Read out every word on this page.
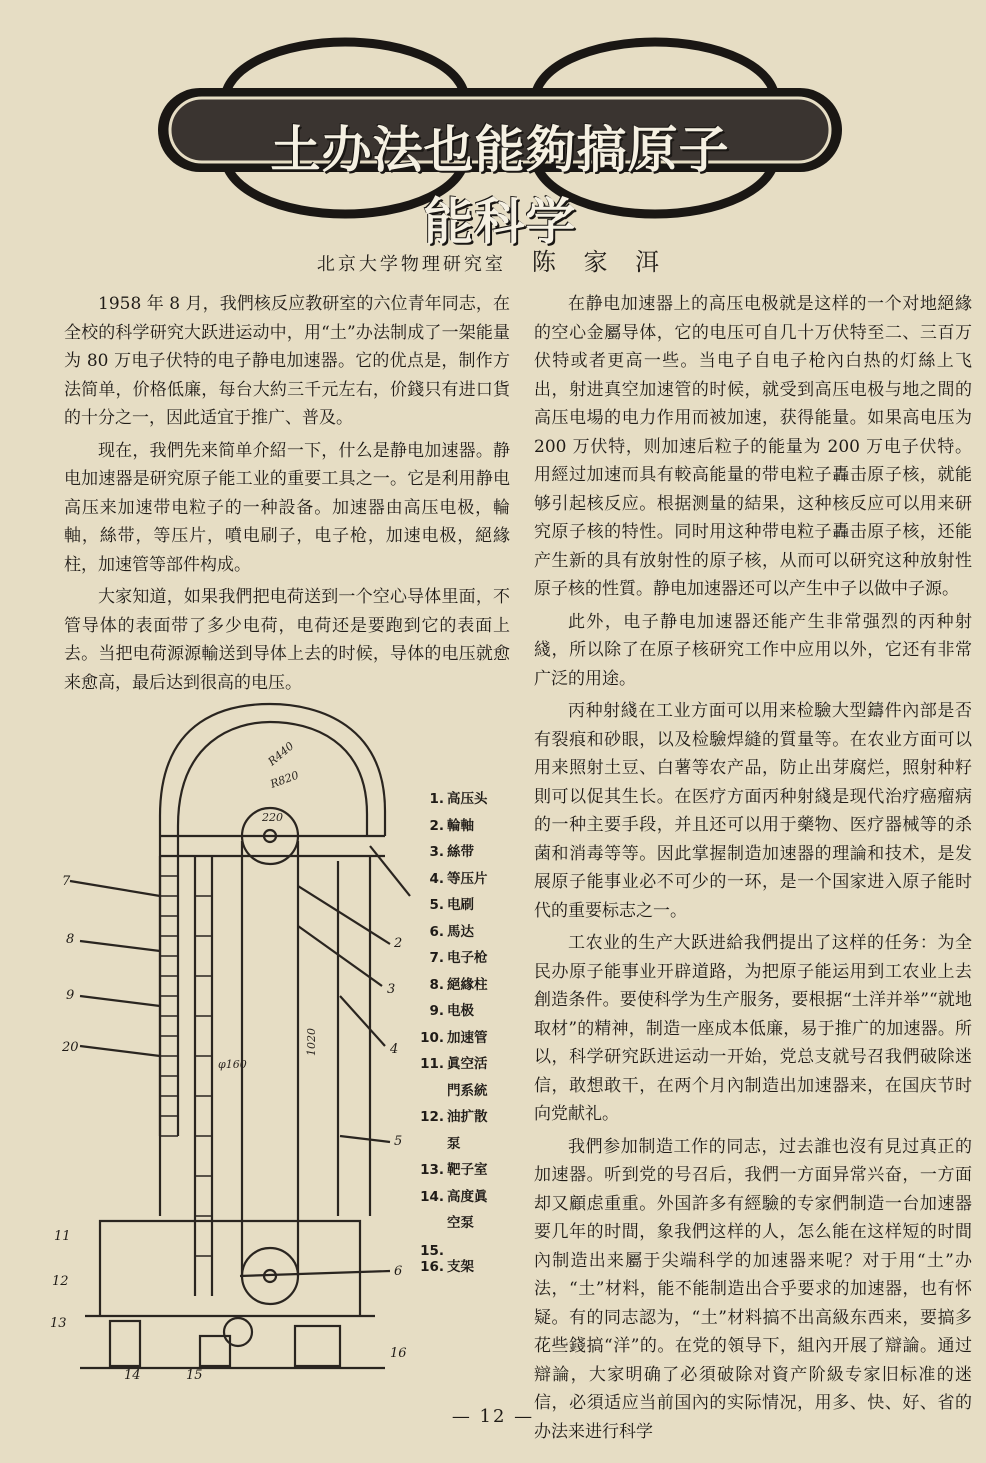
土办法也能夠搞原子能科学
北京大学物理研究室 陈 家 洱

1958 年 8 月，我們核反应教研室的六位青年同志，在全校的科学研究大跃进运动中，用“土”办法制成了一架能量为 80 万电子伏特的电子静电加速器。它的优点是，制作方法简单，价格低廉，每台大約三千元左右，价錢只有进口貨的十分之一，因此适宜于推广、普及。

现在，我們先来简单介紹一下，什么是静电加速器。静电加速器是研究原子能工业的重要工具之一。它是利用静电高压来加速带电粒子的一种設备。加速器由高压电极，輪軸，絲带，等压片，噴电刷子，电子枪，加速电极，絕緣柱，加速管等部件构成。

大家知道，如果我們把电荷送到一个空心导体里面，不管导体的表面带了多少电荷，电荷还是要跑到它的表面上去。当把电荷源源輸送到导体上去的时候，导体的电压就愈来愈高，最后达到很高的电压。

在静电加速器上的高压电极就是这样的一个对地絕緣的空心金屬导体，它的电压可自几十万伏特至二、三百万伏特或者更高一些。当电子自电子枪內白热的灯絲上飞出，射进真空加速管的时候，就受到高压电极与地之間的高压电場的电力作用而被加速，获得能量。如果高电压为 200 万伏特，则加速后粒子的能量为 200 万电子伏特。用經过加速而具有較高能量的带电粒子轟击原子核，就能够引起核反应。根据测量的結果，这种核反应可以用来研究原子核的特性。同时用这种带电粒子轟击原子核，还能产生新的具有放射性的原子核，从而可以研究这种放射性原子核的性質。静电加速器还可以产生中子以做中子源。

此外，电子静电加速器还能产生非常强烈的丙种射綫，所以除了在原子核研究工作中应用以外，它还有非常广泛的用途。

丙种射綫在工业方面可以用来检驗大型鑄件內部是否有裂痕和砂眼，以及检驗焊縫的質量等。在农业方面可以用来照射土豆、白薯等农产品，防止出芽腐烂，照射种籽則可以促其生长。在医疗方面丙种射綫是现代治疗癌瘤病的一种主要手段，并且还可以用于藥物、医疗器械等的杀菌和消毒等等。因此掌握制造加速器的理論和技术，是发展原子能事业必不可少的一环，是一个国家进入原子能时代的重要标志之一。

工农业的生产大跃进給我們提出了这样的任务：为全民办原子能事业开辟道路，为把原子能运用到工农业上去創造条件。要使科学为生产服务，要根据“土洋并举”“就地取材”的精神，制造一座成本低廉，易于推广的加速器。所以，科学研究跃进运动一开始，党总支就号召我們破除迷信，敢想敢干，在两个月內制造出加速器来，在国庆节时向党献礼。

我們参加制造工作的同志，过去誰也沒有見过真正的加速器。听到党的号召后，我們一方面异常兴奋，一方面却又顧虑重重。外国許多有經驗的专家們制造一台加速器要几年的时間，象我們这样的人，怎么能在这样短的时間內制造出来屬于尖端科学的加速器来呢？对于用“土”办法，“土”材料，能不能制造出合乎要求的加速器，也有怀疑。有的同志認为，“土”材料搞不出高級东西来，要搞多花些錢搞“洋”的。在党的領导下，組內开展了辯論。通过辯論，大家明确了必須破除对資产阶級专家旧标准的迷信，必須适应当前国內的实际情况，用多、快、好、省的办法来进行科学

R440
R820
220
φ160
1020
7
8
9
20
2
3
4
5
6
11
12
13
14	15
16
1. 高压头
2. 輪軸
3. 絲带
4. 等压片
5. 电刷
6. 馬达
7. 电子枪
8. 絕緣柱
9. 电极
10. 加速管
11. 眞空活
門系統
12. 油扩散
泵
13. 靶子室
14. 高度眞
空泵
15.
16. 支架
— 12 —
